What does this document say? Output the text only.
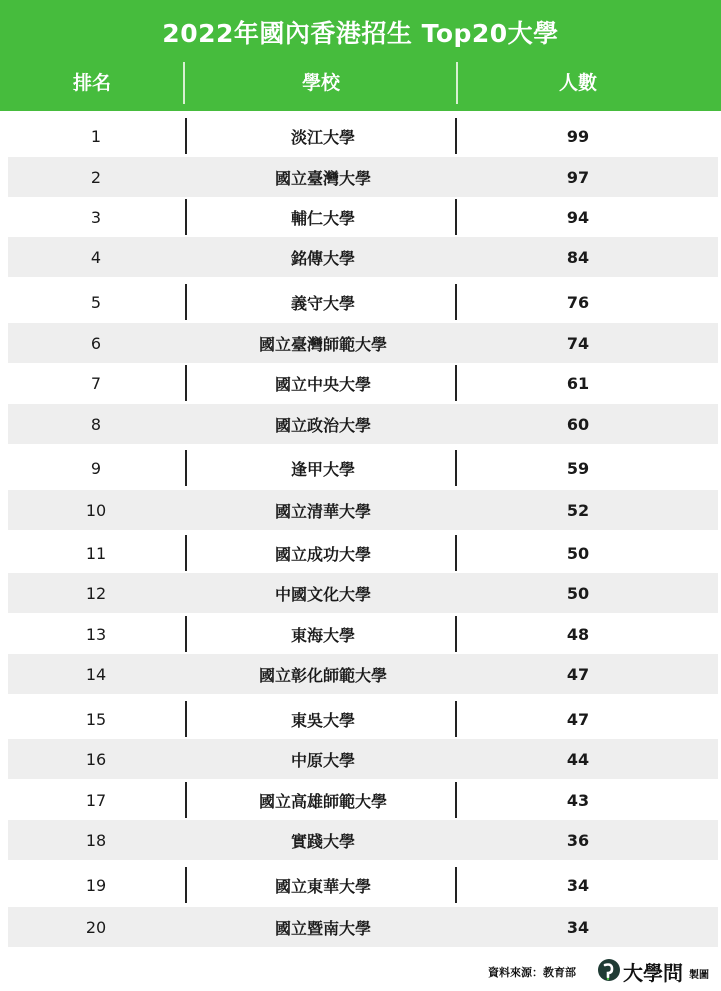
2022年國內香港招生 Top20大學
排名	學校	人數
1	淡江大學	99
2	國立臺灣大學	97
3	輔仁大學	94
4	銘傳大學	84
5	義守大學	76
6	國立臺灣師範大學	74
7	國立中央大學	61
8	國立政治大學	60
9	逢甲大學	59
10	國立清華大學	52
11	國立成功大學	50
12	中國文化大學	50
13	東海大學	48
14	國立彰化師範大學	47
15	東吳大學	47
16	中原大學	44
17	國立高雄師範大學	43
18	實踐大學	36
19	國立東華大學	34
20	國立暨南大學	34
資料來源：教育部 大學問 製圖
